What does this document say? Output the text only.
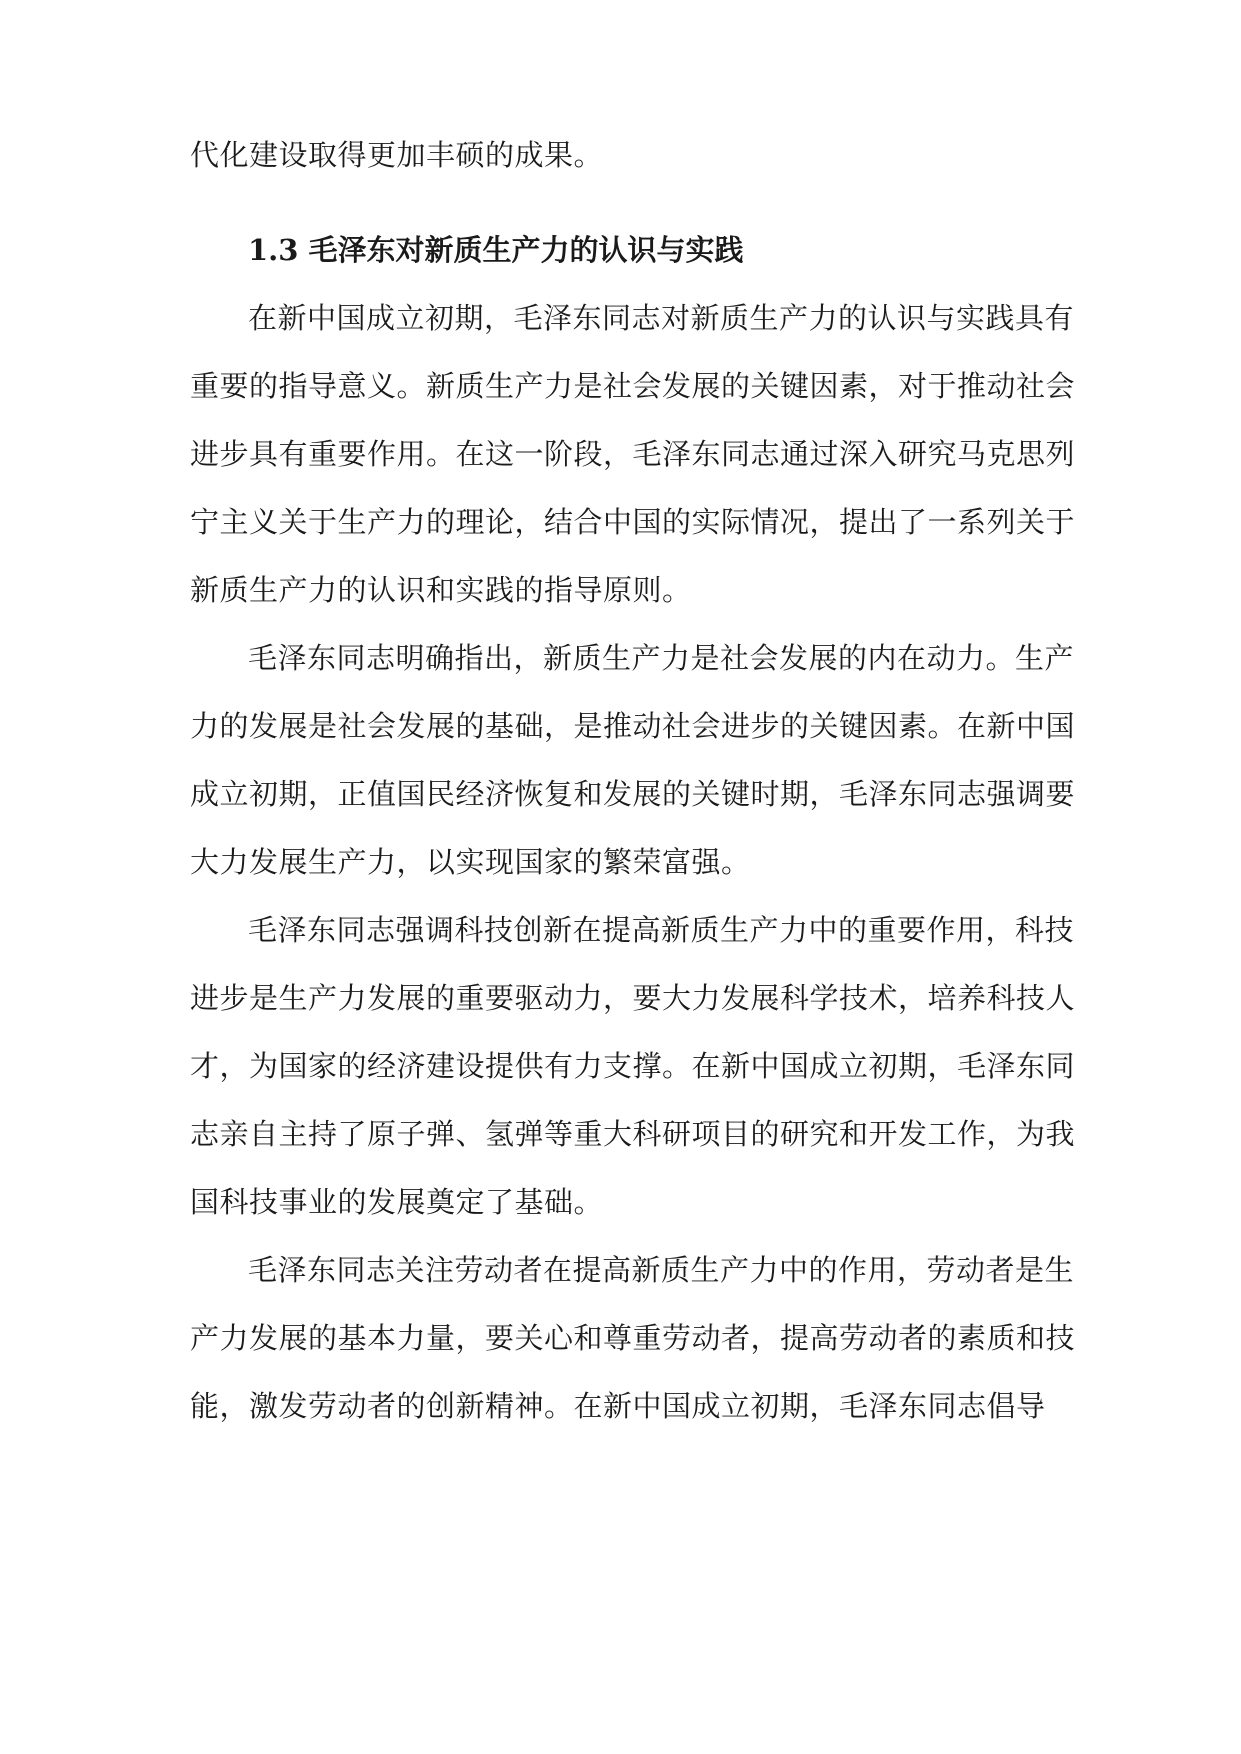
代化建设取得更加丰硕的成果。
1.3 毛泽东对新质生产力的认识与实践
在新中国成立初期，毛泽东同志对新质生产力的认识与实践具有
重要的指导意义。新质生产力是社会发展的关键因素，对于推动社会
进步具有重要作用。在这一阶段，毛泽东同志通过深入研究马克思列
宁主义关于生产力的理论，结合中国的实际情况，提出了一系列关于
新质生产力的认识和实践的指导原则。
毛泽东同志明确指出，新质生产力是社会发展的内在动力。生产
力的发展是社会发展的基础，是推动社会进步的关键因素。在新中国
成立初期，正值国民经济恢复和发展的关键时期，毛泽东同志强调要
大力发展生产力，以实现国家的繁荣富强。
毛泽东同志强调科技创新在提高新质生产力中的重要作用，科技
进步是生产力发展的重要驱动力，要大力发展科学技术，培养科技人
才，为国家的经济建设提供有力支撑。在新中国成立初期，毛泽东同
志亲自主持了原子弹、氢弹等重大科研项目的研究和开发工作，为我
国科技事业的发展奠定了基础。
毛泽东同志关注劳动者在提高新质生产力中的作用，劳动者是生
产力发展的基本力量，要关心和尊重劳动者，提高劳动者的素质和技
能，激发劳动者的创新精神。在新中国成立初期，毛泽东同志倡导
